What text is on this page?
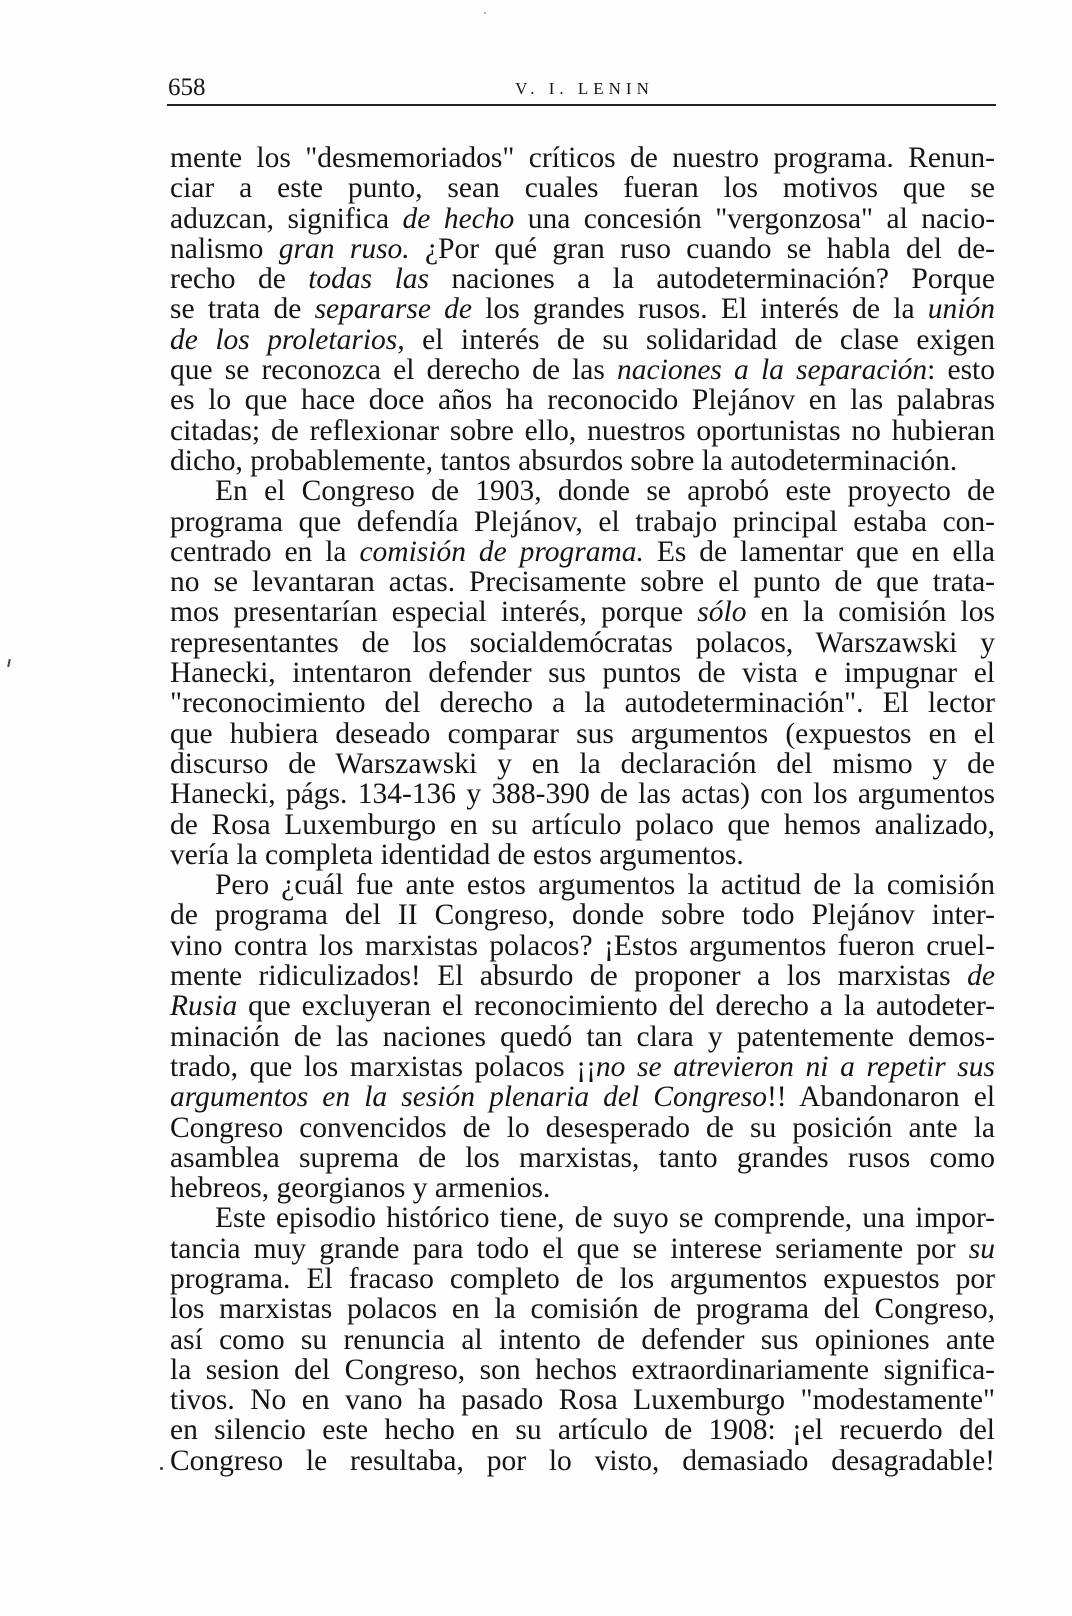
658	V. I. LENIN
mente los "desmemoriados" críticos de nuestro programa. Renun-
ciar a este punto, sean cuales fueran los motivos que se
aduzcan, significa de hecho una concesión "vergonzosa" al nacio-
nalismo gran ruso. ¿Por qué gran ruso cuando se habla del de-
recho de todas las naciones a la autodeterminación? Porque
se trata de separarse de los grandes rusos. El interés de la unión
de los proletarios, el interés de su solidaridad de clase exigen
que se reconozca el derecho de las naciones a la separación: esto
es lo que hace doce años ha reconocido Plejánov en las palabras
citadas; de reflexionar sobre ello, nuestros oportunistas no hubieran
dicho, probablemente, tantos absurdos sobre la autodeterminación.
En el Congreso de 1903, donde se aprobó este proyecto de
programa que defendía Plejánov, el trabajo principal estaba con-
centrado en la comisión de programa. Es de lamentar que en ella
no se levantaran actas. Precisamente sobre el punto de que trata-
mos presentarían especial interés, porque sólo en la comisión los
representantes de los socialdemócratas polacos, Warszawski y
Hanecki, intentaron defender sus puntos de vista e impugnar el
"reconocimiento del derecho a la autodeterminación". El lector
que hubiera deseado comparar sus argumentos (expuestos en el
discurso de Warszawski y en la declaración del mismo y de
Hanecki, págs. 134-136 y 388-390 de las actas) con los argumentos
de Rosa Luxemburgo en su artículo polaco que hemos analizado,
vería la completa identidad de estos argumentos.
Pero ¿cuál fue ante estos argumentos la actitud de la comisión
de programa del II Congreso, donde sobre todo Plejánov inter-
vino contra los marxistas polacos? ¡Estos argumentos fueron cruel-
mente ridiculizados! El absurdo de proponer a los marxistas de
Rusia que excluyeran el reconocimiento del derecho a la autodeter-
minación de las naciones quedó tan clara y patentemente demos-
trado, que los marxistas polacos ¡¡no se atrevieron ni a repetir sus
argumentos en la sesión plenaria del Congreso!! Abandonaron el
Congreso convencidos de lo desesperado de su posición ante la
asamblea suprema de los marxistas, tanto grandes rusos como
hebreos, georgianos y armenios.
Este episodio histórico tiene, de suyo se comprende, una impor-
tancia muy grande para todo el que se interese seriamente por su
programa. El fracaso completo de los argumentos expuestos por
los marxistas polacos en la comisión de programa del Congreso,
así como su renuncia al intento de defender sus opiniones ante
la sesion del Congreso, son hechos extraordinariamente significa-
tivos. No en vano ha pasado Rosa Luxemburgo "modestamente"
en silencio este hecho en su artículo de 1908: ¡el recuerdo del
Congreso le resultaba, por lo visto, demasiado desagradable!
